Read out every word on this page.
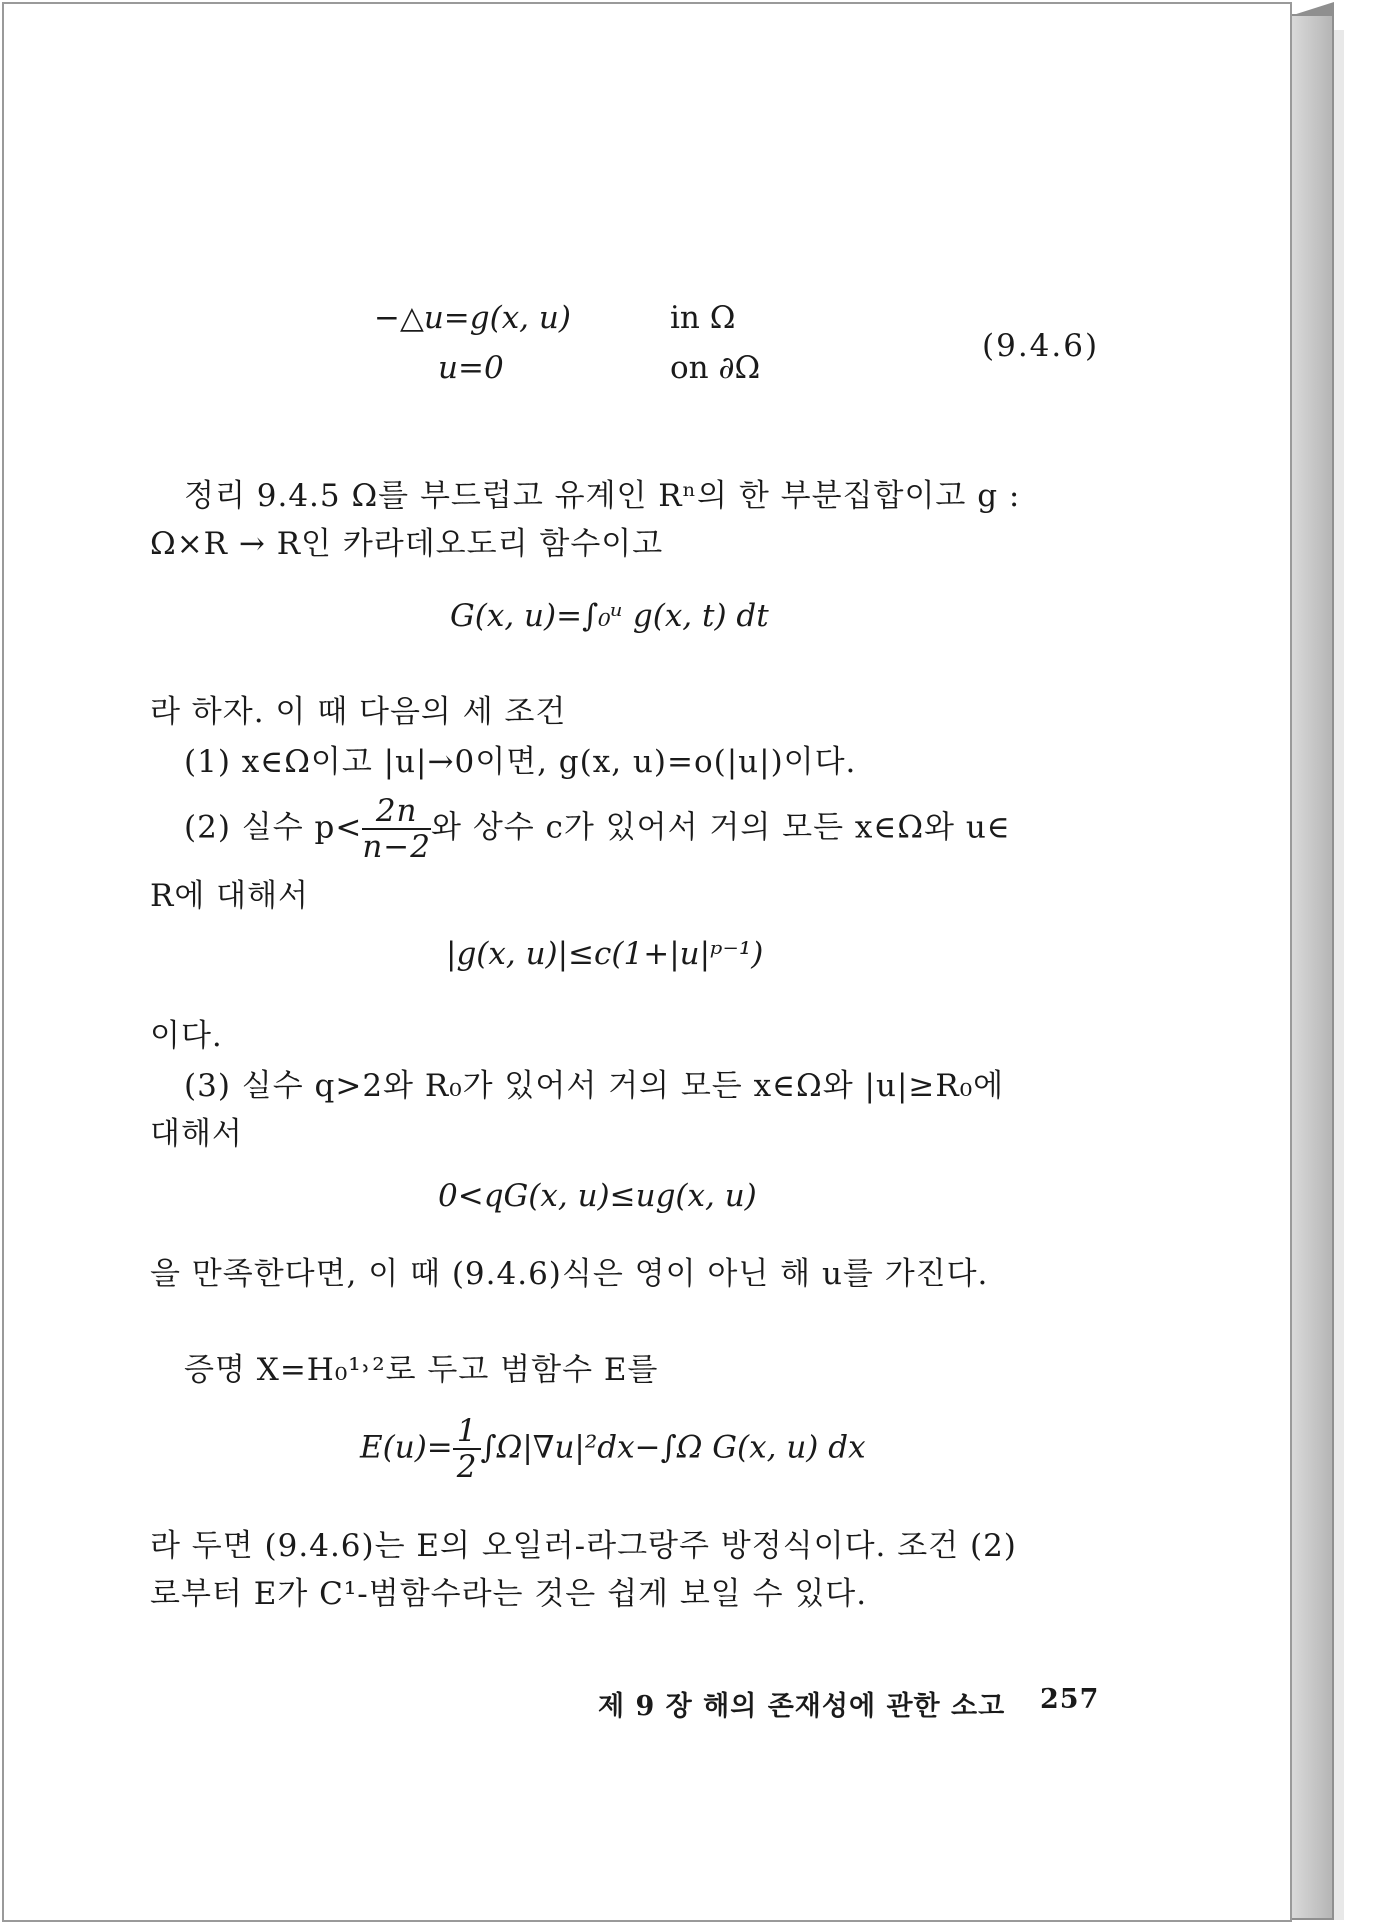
−△u=g(x, u)	in Ω
u=0	on ∂Ω
(9.4.6)
정리 9.4.5 Ω를 부드럽고 유계인 Rⁿ의 한 부분집합이고 g :
Ω×R → R인 카라데오도리 함수이고
G(x, u)=∫₀ᵘ g(x, t) dt
라 하자. 이 때 다음의 세 조건
(1) x∈Ω이고 |u|→0이면, g(x, u)=o(|u|)이다.
(2) 실수 $p< \frac{2n}{n-2}$ 와 상수 c가 있어서 거의 모든 x∈Ω와 u∈
R에 대해서
|g(x, u)|≤c(1+|u|ᵖ⁻¹)
이다.
(3) 실수 q>2와 R₀가 있어서 거의 모든 x∈Ω와 |u|≥R₀에
대해서
0<qG(x, u)≤ug(x, u)
을 만족한다면, 이 때 (9.4.6)식은 영이 아닌 해 u를 가진다.
증명 X=H₀¹˒²로 두고 범함수 E를
$E(u)= \frac{1}{2} \int\Omega|\nabla u|^2dx-\int\Omega$ G(x, u) dx
라 두면 (9.4.6)는 E의 오일러-라그랑주 방정식이다. 조건 (2)
로부터 E가 C¹-범함수라는 것은 쉽게 보일 수 있다.
제 9 장 해의 존재성에 관한 소고 257
